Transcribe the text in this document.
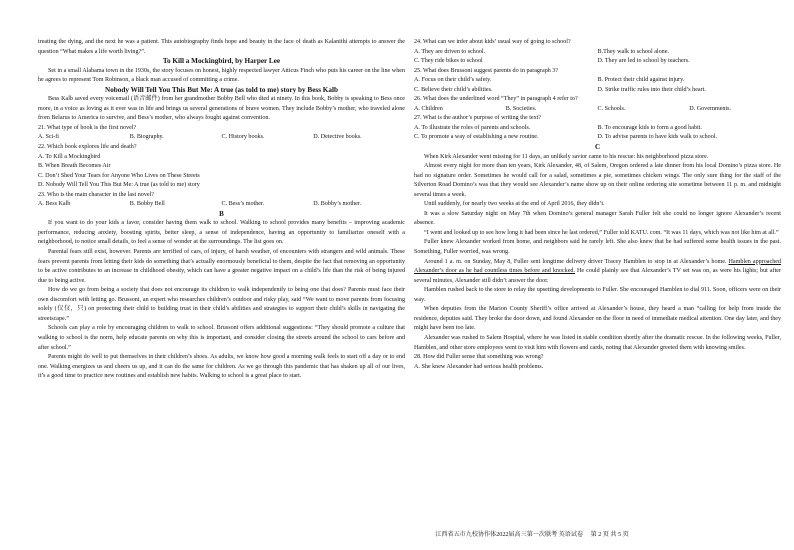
treating the dying, and the next he was a patient. This autobiography finds hope and beauty in the face of death as Kalanithi attempts to answer the question “What makes a life worth living?”.

To Kill a Mockingbird, by Harper Lee

Set in a small Alabama town in the 1930s, the story focuses on honest, highly respected lawyer Atticus Finch who puts his career on the line when he agrees to represent Tom Robinson, a black man accused of committing a crime.

Nobody Will Tell You This But Me: A true (as told to me) story by Bess Kalb

Bess Kalb saved every voicemail (语音邮件) from her grandmother Bobby Bell who died at ninety. In this book, Bobby is speaking to Bess once more, in a voice as loving as it ever was in life and brings us several generations of brave women. They include Bobby’s mother, who traveled alone from Belarus to America to survive, and Bess’s mother, who always fought against convention.

21. What type of book is the first novel?

A. Sci-fi	B. Biography.	C. History books.	D. Detective books.

22. Which book explores life and death?

A. To Kill a Mockingbird

B. When Breath Becomes Air

C. Don’t Shed Your Tears for Anyone Who Lives on These Streets

D. Nobody Will Tell You This But Me: A true (as told to me) story

23. Who is the main character in the last novel?

A. Bess Kalb	B. Bobby Bell	C. Bess’s mother.	D. Bobby’s mother.

B

If you want to do your kids a favor, consider having them walk to school. Walking to school provides many benefits – improving academic performance, reducing anxiety, boosting spirits, better sleep, a sense of independence, having an opportunity to familiarize oneself with a neighborhood, to notice small details, to feel a sense of wonder at the surroundings. The list goes on.

Parental fears still exist, however. Parents are terrified of cars, of injury, of harsh weather, of encounters with strangers and wild animals. These fears prevent parents from letting their kids do something that’s actually enormously beneficial to them, despite the fact that removing an opportunity to be active contributes to an increase in childhood obesity, which can have a greater negative impact on a child’s life than the risk of being injured due to being active.

How do we go from being a society that does not encourage its children to walk independently to being one that does? Parents must face their own discomfort with letting go. Brussoni, an expert who researches children’s outdoor and risky play, said “We want to move parents from focusing solely (仅仅，只) on protecting their child to building trust in their child’s abilities and strategies to support their child’s skills in navigating the streetscape.”

Schools can play a role by encouraging children to walk to school. Brussoni offers additional suggestions: “They should promote a culture that walking to school is the norm, help educate parents on why this is important, and consider closing the streets around the school to cars before and after school.”

Parents might do well to put themselves in their children’s shoes. As adults, we know how good a morning walk feels to start off a day or to end one. Walking energizes us and cheers us up, and it can do the same for children. As we go through this pandemic that has shaken up all of our lives, it’s a good time to practice new routines and establish new habits. Walking to school is a great place to start.

24. What can we infer about kids’ usual way of going to school?

A. They are driven to school.	B.They walk to school alone.
C. They ride bikes to school	D. They are led to school by teachers.

25. What does Brussoni suggest parents do in paragraph 3?

A. Focus on their child’s safety.	B. Protect their child against injury.
C. Believe their child’s abilities.	D. Strike traffic rules into their child’s heart.

26. What does the underlined word “They” in paragraph 4 refer to?

A. Children	B. Societies.	C. Schools.	D. Governments.

27. What is the author’s purpose of writing the text?

A. To illustrate the roles of parents and schools.	B. To encourage kids to form a good habit.
C. To promote a way of establishing a new routine.	D. To advise parents to have kids walk to school.

C

When Kirk Alexander went missing for 11 days, an unlikely savior came to his rescue: his neighborhood pizza store.

Almost every night for more than ten years, Kirk Alexander, 48, of Salem, Oregon ordered a late dinner from his local Domino’s pizza store. He had no signature order. Sometimes he would call for a salad, sometimes a pie, sometimes chicken wings. The only sure thing for the staff of the Silverton Road Domino’s was that they would see Alexander’s name show up on their online ordering site sometime between 11 p. m. and midnight several times a week.

Until suddenly, for nearly two weeks at the end of April 2016, they didn’t.

It was a slow Saturday night on May 7th when Domino’s general manager Sarah Fuller felt she could no longer ignore Alexander’s recent absence.

“I went and looked up to see how long it had been since he last ordered,” Fuller told KATU. com. “It was 11 days, which was not like him at all.”

Fuller knew Alexander worked from home, and neighbors said he rarely left. She also knew that he had suffered some health issues in the past. Something, Fuller worried, was wrong.

Around 1 a. m. on Sunday, May 8, Fuller sent longtime delivery driver Tracey Hamblen to stop in at Alexander’s home. Hamblen approached Alexander’s door as he had countless times before and knocked. He could plainly see that Alexander’s TV set was on, as were his lights; but after several minutes, Alexander still didn’t answer the door.

Hamblen rushed back to the store to relay the upsetting developments to Fuller. She encouraged Hamblen to dial 911. Soon, officers were on their way.

When deputies from the Marion County Sheriff’s office arrived at Alexander’s house, they heard a man “calling for help from inside the residence, deputies said. They broke the door down, and found Alexander on the floor in need of immediate medical attention. One day later, and they might have been too late.

Alexander was rushed to Salem Hospital, where he was listed in stable condition shortly after the dramatic rescue. In the following weeks, Fuller, Hamblen, and other store employees went to visit him with flowers and cards, noting that Alexander greeted them with knowing smiles.

28. How did Fuller sense that something was wrong?

A. She knew Alexander had serious health problems.

江西省五市九校协作体2022届高三第一次联考 英语试卷 第 2 页 共 5 页
